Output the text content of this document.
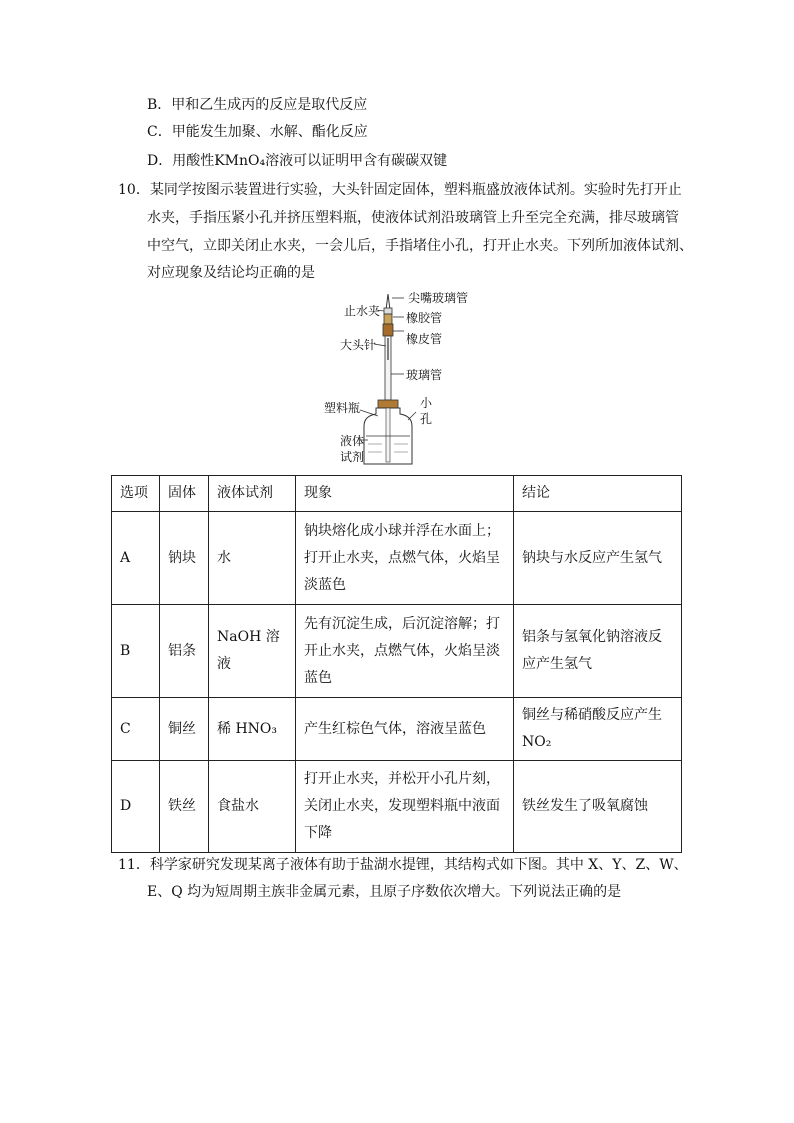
B．甲和乙生成丙的反应是取代反应
C．甲能发生加聚、水解、酯化反应
D．用酸性KMnO₄溶液可以证明甲含有碳碳双键
10．某同学按图示装置进行实验，大头针固定固体，塑料瓶盛放液体试剂。实验时先打开止
水夹，手指压紧小孔并挤压塑料瓶，使液体试剂沿玻璃管上升至完全充满，排尽玻璃管
中空气，立即关闭止水夹，一会儿后，手指堵住小孔，打开止水夹。下列所加液体试剂、
对应现象及结论均正确的是
尖嘴玻璃管
止水夹 橡胶管
橡皮管
大头针
玻璃管
塑料瓶	小
孔
液体
试剂
选项	固体	液体试剂	现象	结论
A	钠块	水	钠块熔化成小球并浮在水面上；打开止水夹，点燃气体，火焰呈淡蓝色	钠块与水反应产生氢气
B	铝条	NaOH 溶液	先有沉淀生成，后沉淀溶解；打开止水夹，点燃气体，火焰呈淡蓝色	铝条与氢氧化钠溶液反应产生氢气
C	铜丝	稀 HNO₃	产生红棕色气体，溶液呈蓝色	铜丝与稀硝酸反应产生NO₂
D	铁丝	食盐水	打开止水夹，并松开小孔片刻，关闭止水夹，发现塑料瓶中液面下降	铁丝发生了吸氧腐蚀
11．科学家研究发现某离子液体有助于盐湖水提锂，其结构式如下图。其中 X、Y、Z、W、
E、Q 均为短周期主族非金属元素，且原子序数依次增大。下列说法正确的是
